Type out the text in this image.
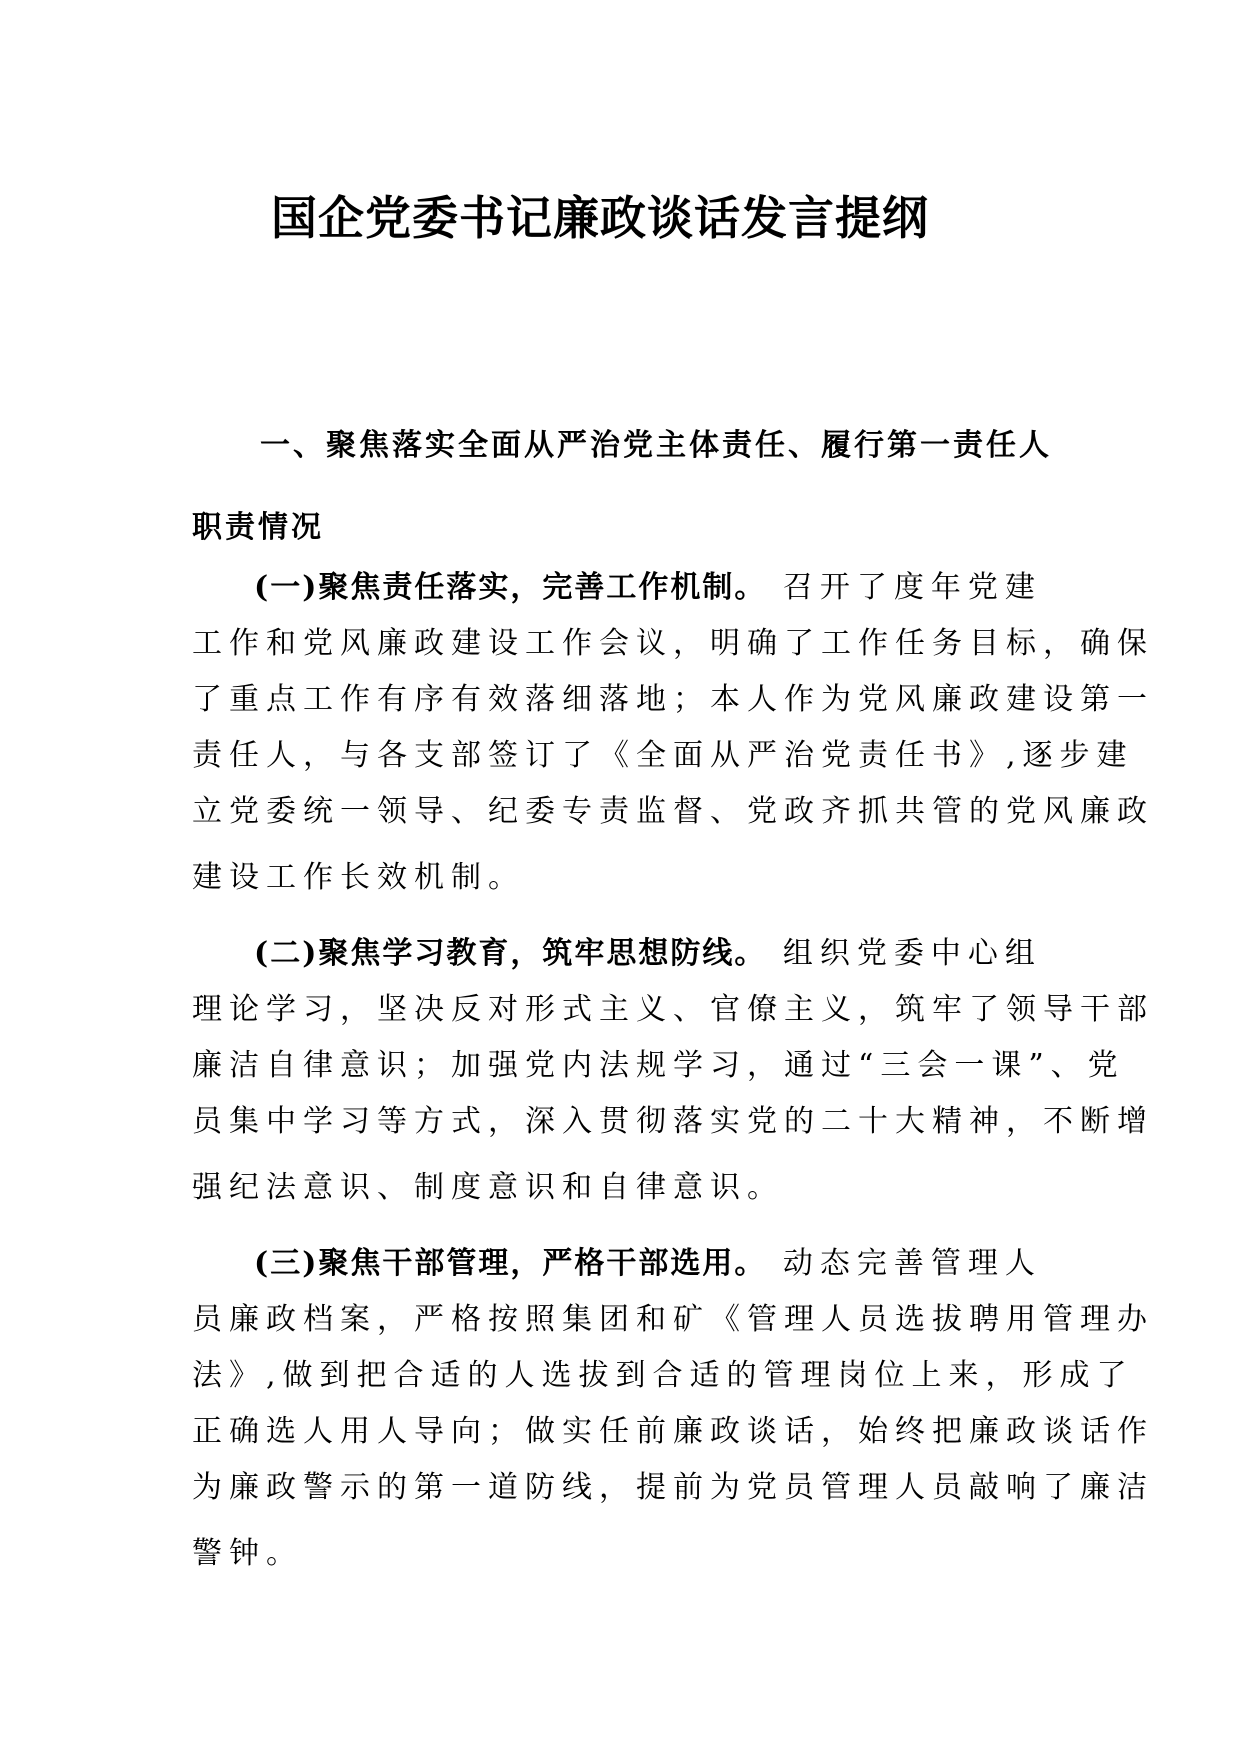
国企党委书记廉政谈话发言提纲
一、聚焦落实全面从严治党主体责任、履行第一责任人
职责情况
(一)聚焦责任落实，完善工作机制。 召开了度年党建
工作和党风廉政建设工作会议，明确了工作任务目标，确保
了重点工作有序有效落细落地；本人作为党风廉政建设第一
责任人，与各支部签订了《全面从严治党责任书》,逐步建
立党委统一领导、纪委专责监督、党政齐抓共管的党风廉政
建设工作长效机制。
(二)聚焦学习教育，筑牢思想防线。 组织党委中心组
理论学习，坚决反对形式主义、官僚主义，筑牢了领导干部
廉洁自律意识；加强党内法规学习，通过“三会一课”、党
员集中学习等方式，深入贯彻落实党的二十大精神，不断增
强纪法意识、制度意识和自律意识。
(三)聚焦干部管理，严格干部选用。 动态完善管理人
员廉政档案，严格按照集团和矿《管理人员选拔聘用管理办
法》,做到把合适的人选拔到合适的管理岗位上来，形成了
正确选人用人导向；做实任前廉政谈话，始终把廉政谈话作
为廉政警示的第一道防线，提前为党员管理人员敲响了廉洁
警钟。
